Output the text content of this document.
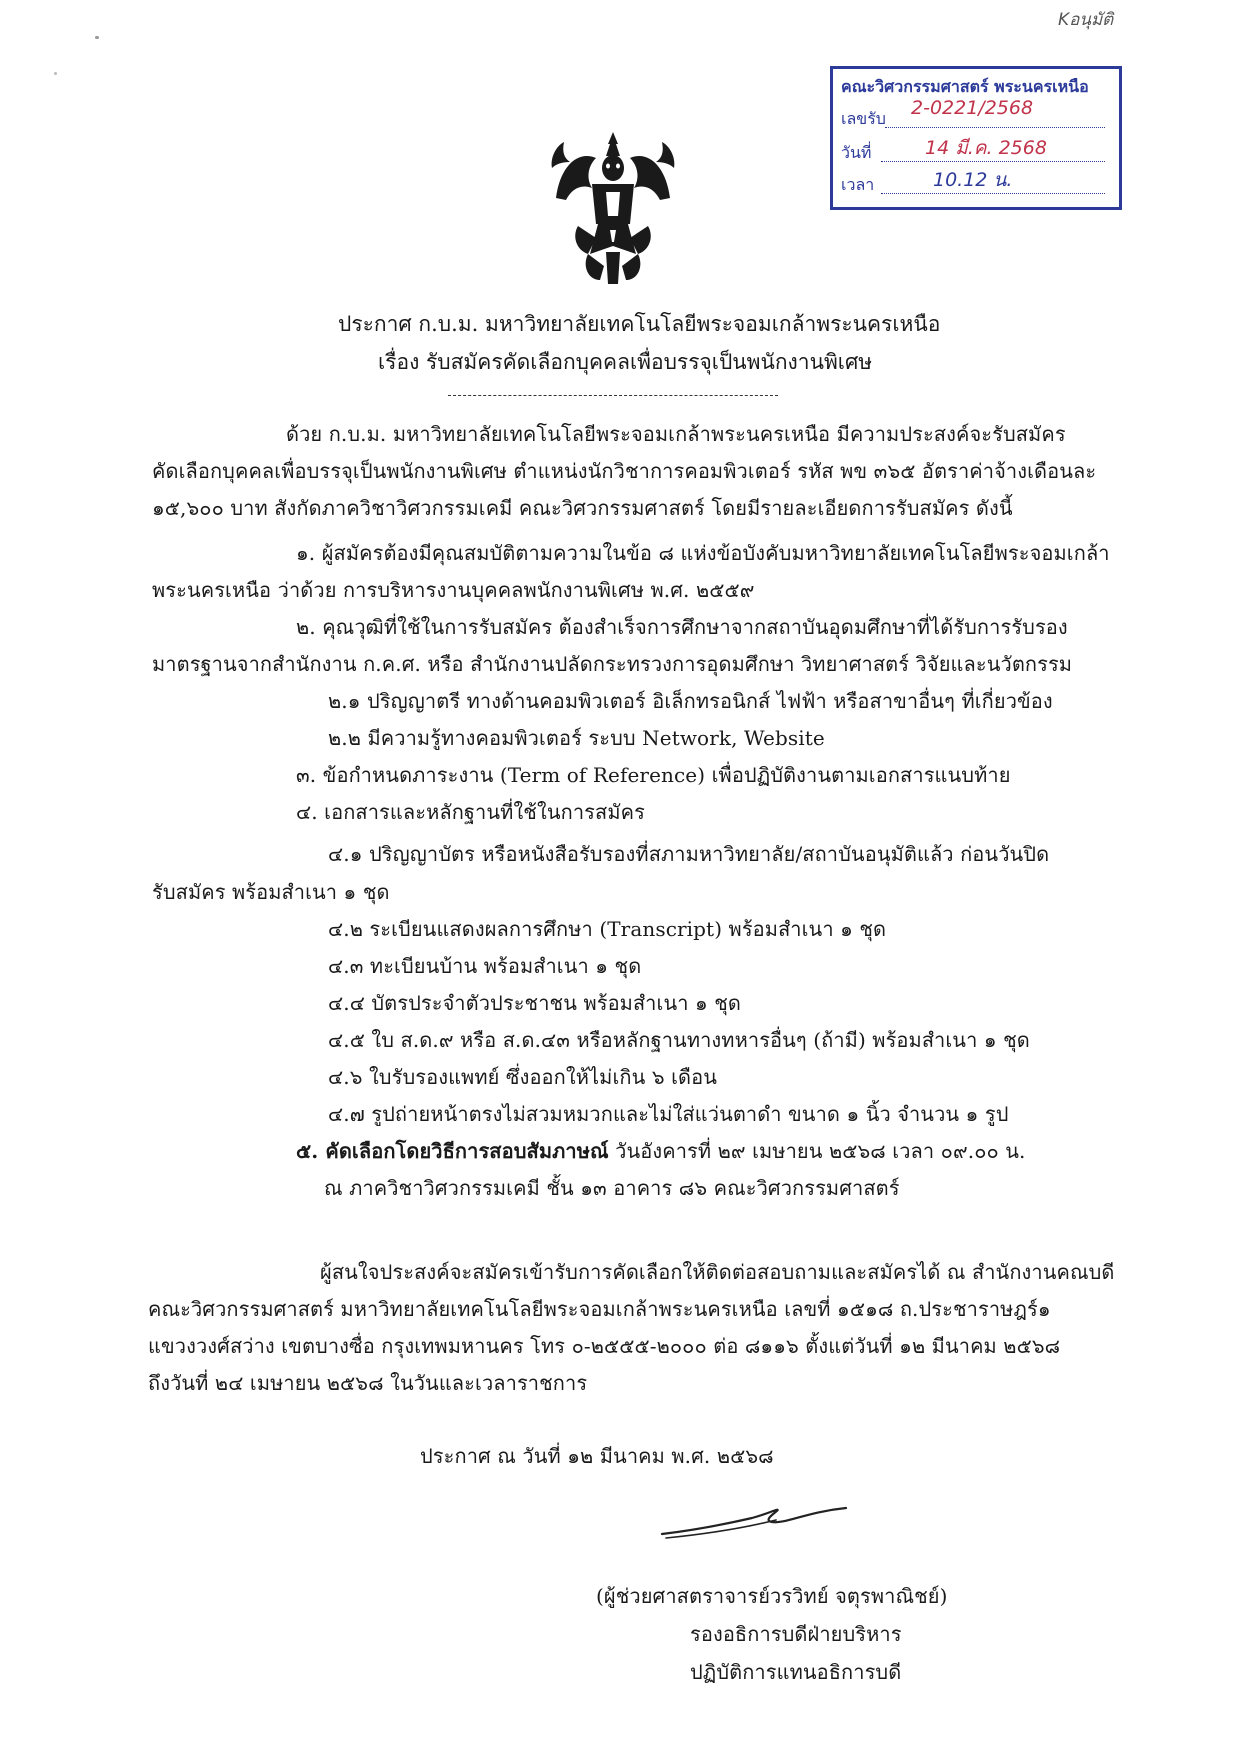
Kอนุมัติ
คณะวิศวกรรมศาสตร์ พระนครเหนือ
เลขรับ 2-0221/2568
วันที่	14 มี.ค. 2568
เวลา	10.12 น.
ประกาศ ก.บ.ม. มหาวิทยาลัยเทคโนโลยีพระจอมเกล้าพระนครเหนือ
เรื่อง รับสมัครคัดเลือกบุคคลเพื่อบรรจุเป็นพนักงานพิเศษ
ด้วย ก.บ.ม. มหาวิทยาลัยเทคโนโลยีพระจอมเกล้าพระนครเหนือ มีความประสงค์จะรับสมัคร
คัดเลือกบุคคลเพื่อบรรจุเป็นพนักงานพิเศษ ตำแหน่งนักวิชาการคอมพิวเตอร์ รหัส พข ๓๖๕ อัตราค่าจ้างเดือนละ
๑๕,๖๐๐ บาท สังกัดภาควิชาวิศวกรรมเคมี คณะวิศวกรรมศาสตร์ โดยมีรายละเอียดการรับสมัคร ดังนี้
๑. ผู้สมัครต้องมีคุณสมบัติตามความในข้อ ๘ แห่งข้อบังคับมหาวิทยาลัยเทคโนโลยีพระจอมเกล้า
พระนครเหนือ ว่าด้วย การบริหารงานบุคคลพนักงานพิเศษ พ.ศ. ๒๕๕๙
๒. คุณวุฒิที่ใช้ในการรับสมัคร ต้องสำเร็จการศึกษาจากสถาบันอุดมศึกษาที่ได้รับการรับรอง
มาตรฐานจากสำนักงาน ก.ค.ศ. หรือ สำนักงานปลัดกระทรวงการอุดมศึกษา วิทยาศาสตร์ วิจัยและนวัตกรรม
๒.๑ ปริญญาตรี ทางด้านคอมพิวเตอร์ อิเล็กทรอนิกส์ ไฟฟ้า หรือสาขาอื่นๆ ที่เกี่ยวข้อง
๒.๒ มีความรู้ทางคอมพิวเตอร์ ระบบ Network, Website
๓. ข้อกำหนดภาระงาน (Term of Reference) เพื่อปฏิบัติงานตามเอกสารแนบท้าย
๔. เอกสารและหลักฐานที่ใช้ในการสมัคร
๔.๑ ปริญญาบัตร หรือหนังสือรับรองที่สภามหาวิทยาลัย/สถาบันอนุมัติแล้ว ก่อนวันปิด
รับสมัคร พร้อมสำเนา ๑ ชุด
๔.๒ ระเบียนแสดงผลการศึกษา (Transcript) พร้อมสำเนา ๑ ชุด
๔.๓ ทะเบียนบ้าน พร้อมสำเนา ๑ ชุด
๔.๔ บัตรประจำตัวประชาชน พร้อมสำเนา ๑ ชุด
๔.๕ ใบ ส.ด.๙ หรือ ส.ด.๔๓ หรือหลักฐานทางทหารอื่นๆ (ถ้ามี) พร้อมสำเนา ๑ ชุด
๔.๖ ใบรับรองแพทย์ ซึ่งออกให้ไม่เกิน ๖ เดือน
๔.๗ รูปถ่ายหน้าตรงไม่สวมหมวกและไม่ใส่แว่นตาดำ ขนาด ๑ นิ้ว จำนวน ๑ รูป
๕. คัดเลือกโดยวิธีการสอบสัมภาษณ์ วันอังคารที่ ๒๙ เมษายน ๒๕๖๘ เวลา ๐๙.๐๐ น.
ณ ภาควิชาวิศวกรรมเคมี ชั้น ๑๓ อาคาร ๘๖ คณะวิศวกรรมศาสตร์
ผู้สนใจประสงค์จะสมัครเข้ารับการคัดเลือกให้ติดต่อสอบถามและสมัครได้ ณ สำนักงานคณบดี
คณะวิศวกรรมศาสตร์ มหาวิทยาลัยเทคโนโลยีพระจอมเกล้าพระนครเหนือ เลขที่ ๑๕๑๘ ถ.ประชาราษฎร์๑
แขวงวงศ์สว่าง เขตบางซื่อ กรุงเทพมหานคร โทร ๐-๒๕๕๕-๒๐๐๐ ต่อ ๘๑๑๖ ตั้งแต่วันที่ ๑๒ มีนาคม ๒๕๖๘
ถึงวันที่ ๒๔ เมษายน ๒๕๖๘ ในวันและเวลาราชการ
ประกาศ ณ วันที่ ๑๒ มีนาคม พ.ศ. ๒๕๖๘
(ผู้ช่วยศาสตราจารย์วรวิทย์ จตุรพาณิชย์)
รองอธิการบดีฝ่ายบริหาร
ปฏิบัติการแทนอธิการบดี
